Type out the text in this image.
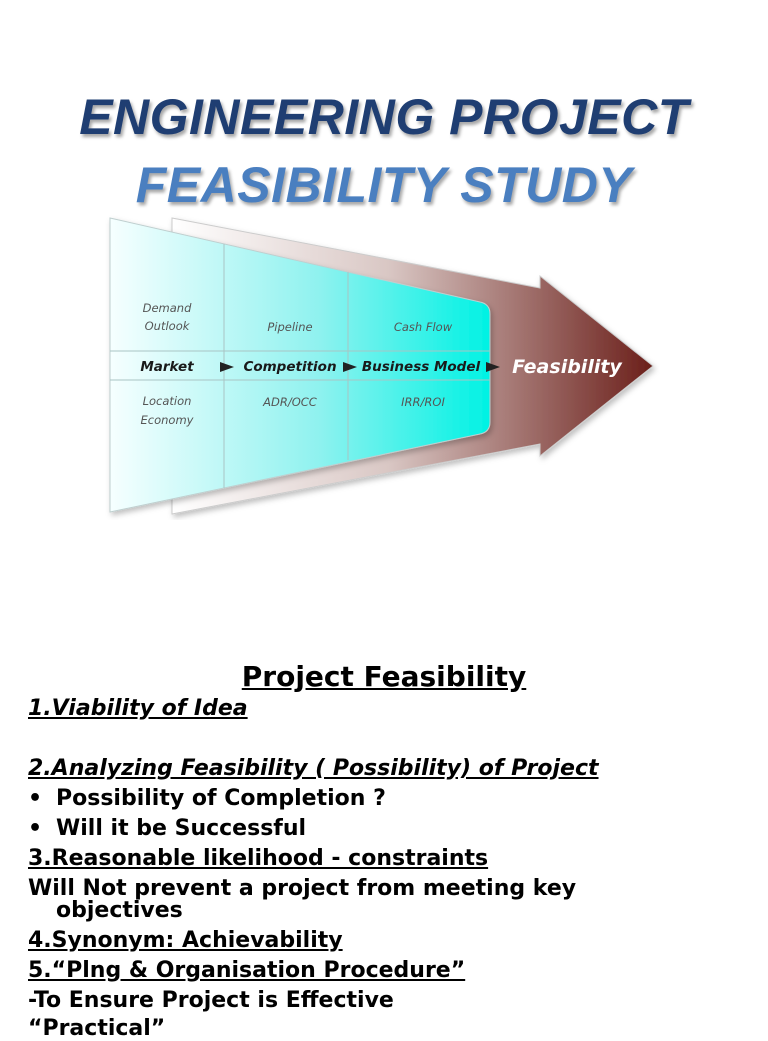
ENGINEERING PROJECT
FEASIBILITY STUDY
Demand
Outlook
Market
Location
Economy
Pipeline
Competition
ADR/OCC
Cash Flow
Business Model
IRR/ROI
Feasibility
Project Feasibility
1.Viability of Idea
2.Analyzing Feasibility ( Possibility) of Project
• Possibility of Completion ?
• Will it be Successful
3.Reasonable likelihood - constraints
Will Not prevent a project from meeting key
objectives
4.Synonym: Achievability
5.“Plng & Organisation Procedure”
-To Ensure Project is Effective
“Practical”
